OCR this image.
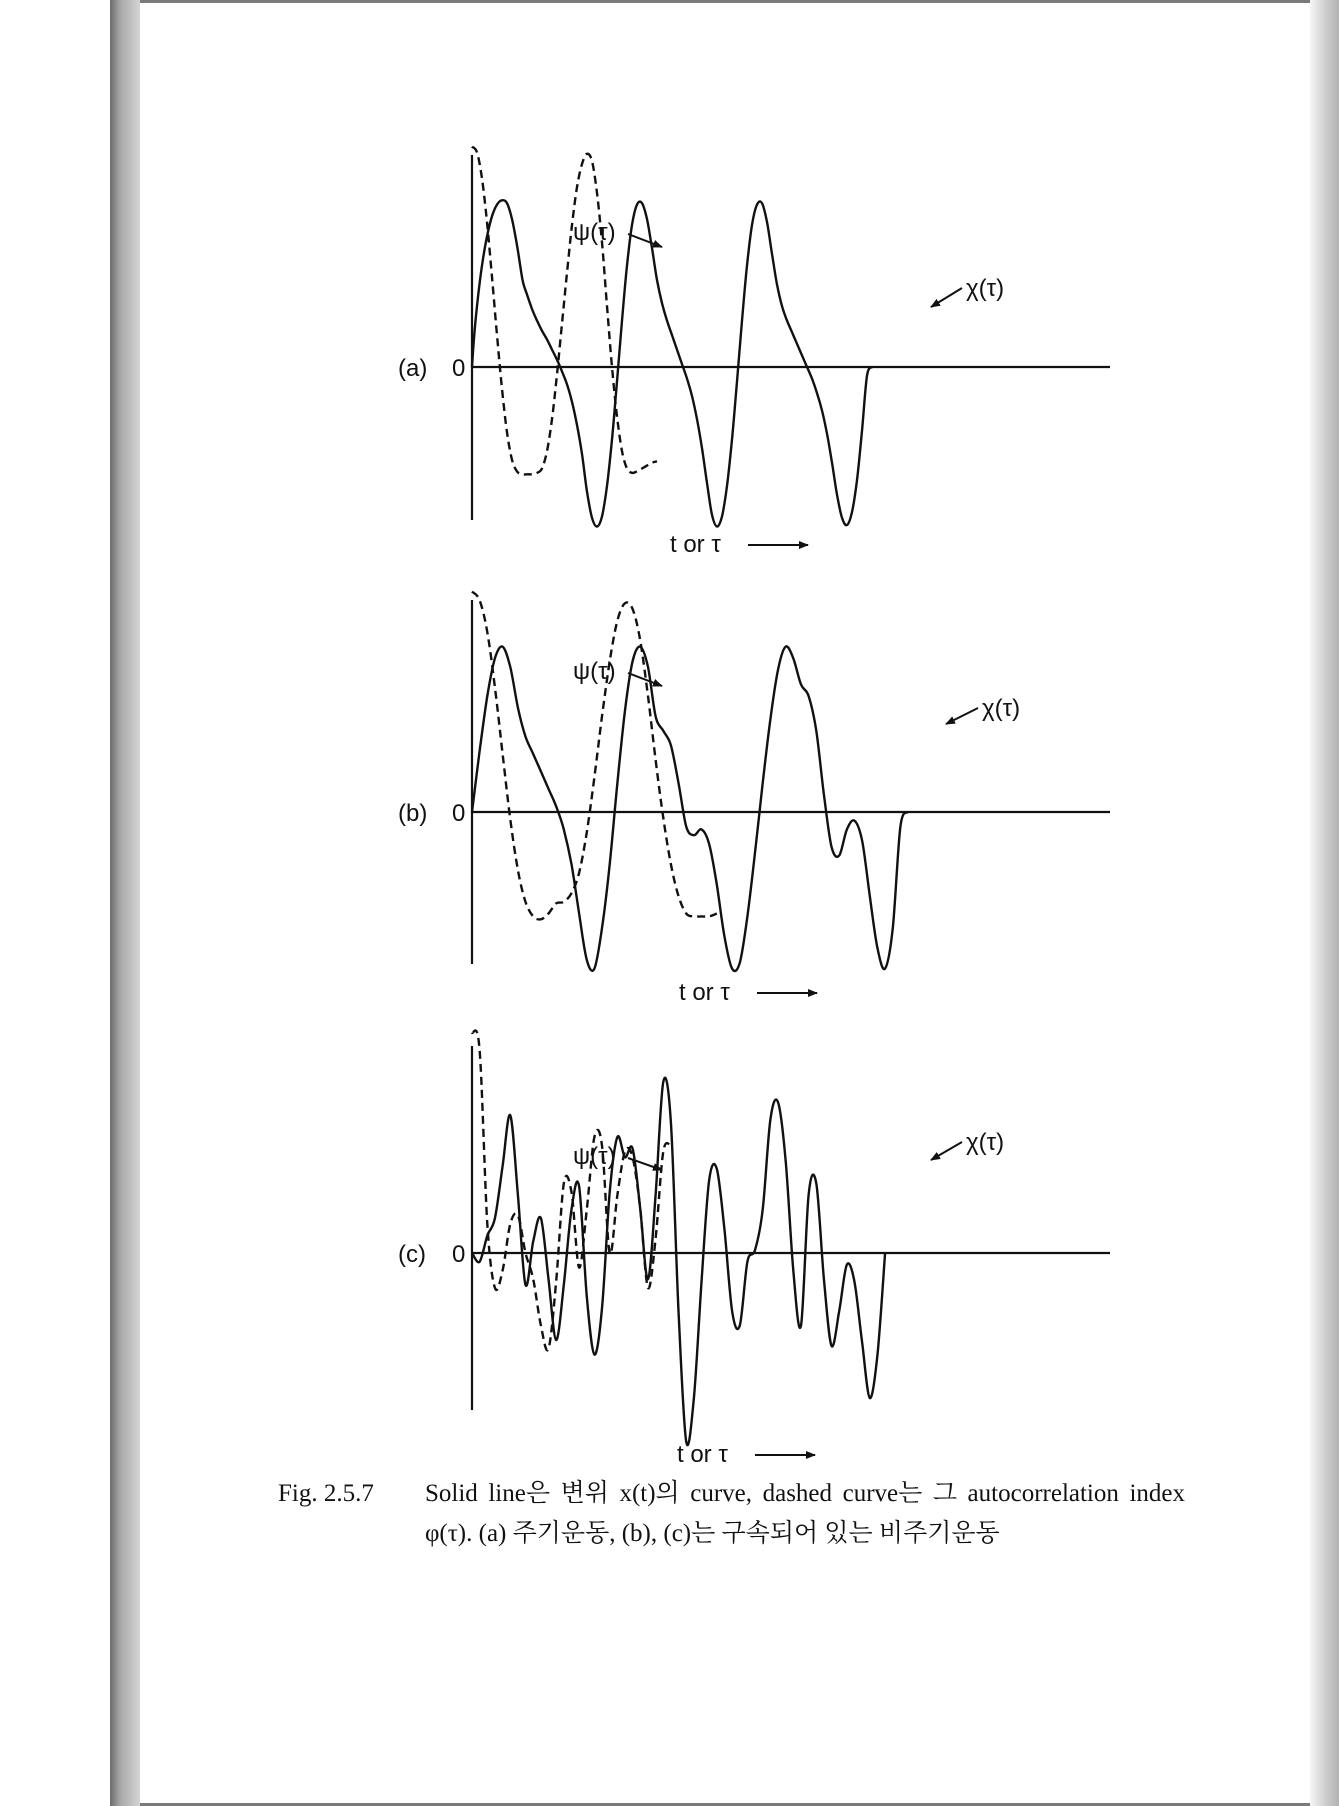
(a) 0
ψ(τ)
χ(τ)
t or τ
(b) 0
ψ(τ)
χ(τ)
t or τ
(c) 0
ψ(τ)
χ(τ)
t or τ
Fig. 2.5.7	Solid line은 변위 x(t)의 curve, dashed curve는 그 autocorrelation index φ(τ). (a) 주기운동, (b), (c)는 구속되어 있는 비주기운동
